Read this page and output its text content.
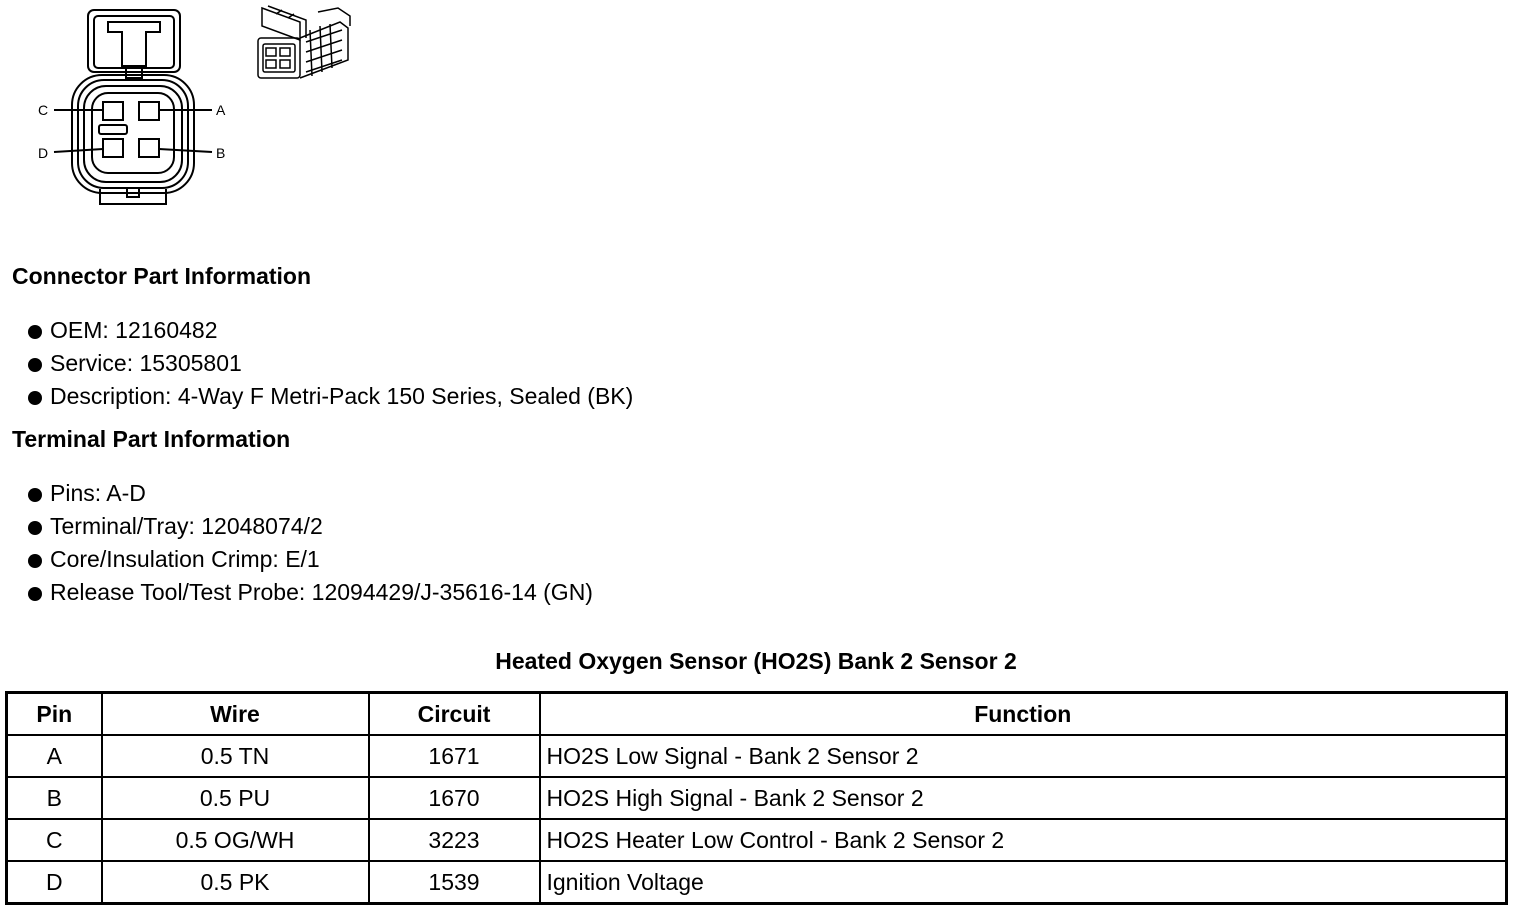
C	A
D	B
Connector Part Information
OEM: 12160482
Service: 15305801
Description: 4-Way F Metri-Pack 150 Series, Sealed (BK)
Terminal Part Information
Pins: A-D
Terminal/Tray: 12048074/2
Core/Insulation Crimp: E/1
Release Tool/Test Probe: 12094429/J-35616-14 (GN)
Heated Oxygen Sensor (HO2S) Bank 2 Sensor 2
Pin	Wire	Circuit	Function
A	0.5 TN	1671	HO2S Low Signal - Bank 2 Sensor 2
B	0.5 PU	1670	HO2S High Signal - Bank 2 Sensor 2
C	0.5 OG/WH	3223	HO2S Heater Low Control - Bank 2 Sensor 2
D	0.5 PK	1539	Ignition Voltage
